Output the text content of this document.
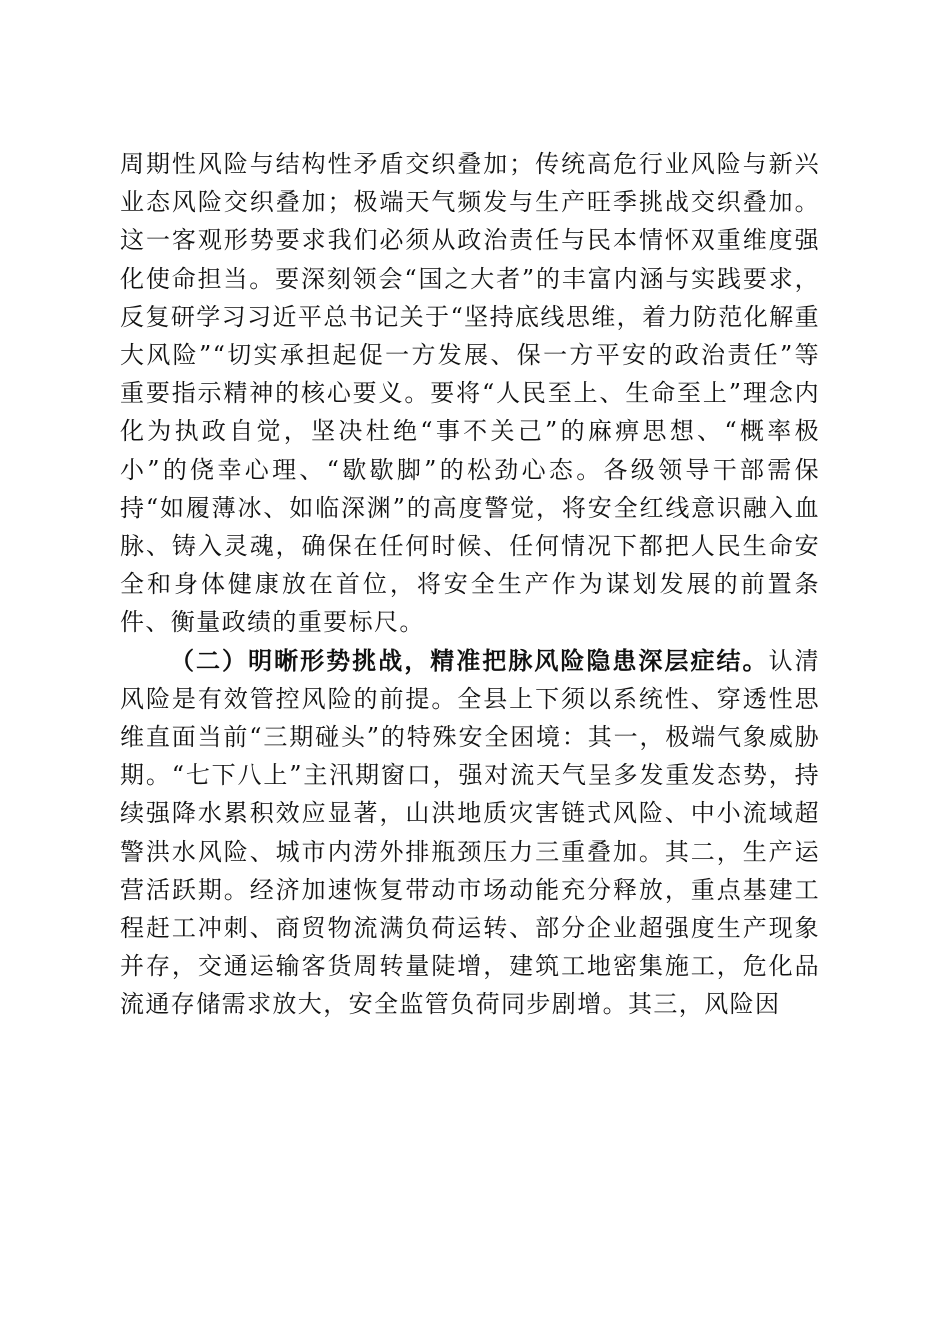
周期性风险与结构性矛盾交织叠加；传统高危行业风险与新兴业态风险交织叠加；极端天气频发与生产旺季挑战交织叠加。这一客观形势要求我们必须从政治责任与民本情怀双重维度强化使命担当。要深刻领会“国之大者”的丰富内涵与实践要求，反复研学习习近平总书记关于“坚持底线思维，着力防范化解重大风险”“切实承担起促一方发展、保一方平安的政治责任”等重要指示精神的核心要义。要将“人民至上、生命至上”理念内化为执政自觉，坚决杜绝“事不关己”的麻痹思想、“概率极小”的侥幸心理、“歇歇脚”的松劲心态。各级领导干部需保持“如履薄冰、如临深渊”的高度警觉，将安全红线意识融入血脉、铸入灵魂，确保在任何时候、任何情况下都把人民生命安全和身体健康放在首位，将安全生产作为谋划发展的前置条件、衡量政绩的重要标尺。

（二）明晰形势挑战，精准把脉风险隐患深层症结。认清风险是有效管控风险的前提。全县上下须以系统性、穿透性思维直面当前“三期碰头”的特殊安全困境：其一，极端气象威胁期。“七下八上”主汛期窗口，强对流天气呈多发重发态势，持续强降水累积效应显著，山洪地质灾害链式风险、中小流域超警洪水风险、城市内涝外排瓶颈压力三重叠加。其二，生产运营活跃期。经济加速恢复带动市场动能充分释放，重点基建工程赶工冲刺、商贸物流满负荷运转、部分企业超强度生产现象并存，交通运输客货周转量陡增，建筑工地密集施工，危化品流通存储需求放大，安全监管负荷同步剧增。其三，风险因
